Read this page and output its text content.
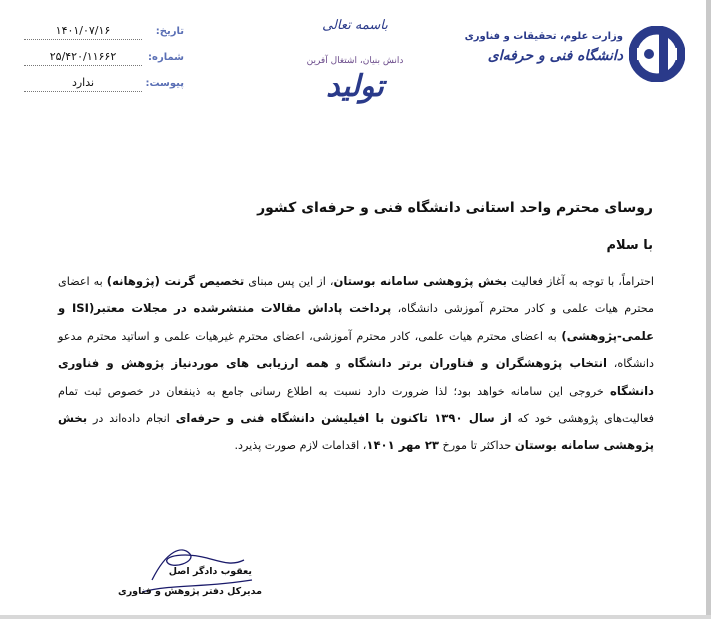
تاریخ:
۱۴۰۱/۰۷/۱۶
شماره:
۲۵/۴۲۰/۱۱۶۶۲
پیوست:
ندارد
باسمه تعالی
دانش بنیان، اشتغال آفرین
تولید
وزارت علوم، تحقیقات و فناوری
دانشگاه فنی و حرفه‌ای
روسای محترم واحد استانی دانشگاه فنی و حرفه‌ای کشور
با سلام
احتراماً، با توجه به آغاز فعالیت بخش پژوهشی سامانه بوستان، از این پس مبنای تخصیص گرنت (پژوهانه) به اعضای محترم هیات علمی و کادر محترم آموزشی دانشگاه، پرداخت پاداش مقالات منتشرشده در مجلات معتبر(ISI و علمی-پژوهشی) به اعضای محترم هیات علمی، کادر محترم آموزشی، اعضای محترم غیرهیات علمی و اساتید محترم مدعو دانشگاه، انتخاب پژوهشگران و فناوران برتر دانشگاه و همه ارزیابی های موردنیاز پژوهش و فناوری دانشگاه خروجی این سامانه خواهد بود؛ لذا ضرورت دارد نسبت به اطلاع رسانی جامع به ذینفعان در خصوص ثبت تمام فعالیت‌های پژوهشی خود که از سال ۱۳۹۰ تاکنون با افیلیشن دانشگاه فنی و حرفه‌ای انجام داده‌اند در بخش پژوهشی سامانه بوستان حداکثر تا مورخ ۲۳ مهر ۱۴۰۱، اقدامات لازم صورت پذیرد.
یعقوب دادگر اصل
مدیرکل دفتر پژوهش و فناوری
